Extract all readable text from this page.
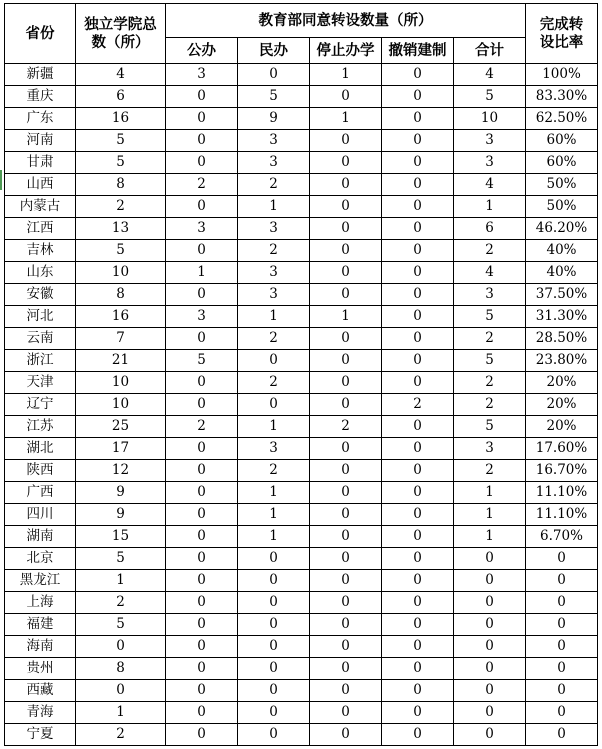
省份	独立学院总数（所）	教育部同意转设数量（所）					完成转设比率
		公办	民办	停止办学	撤销建制	合计	
新疆	4	3	0	1	0	4	100%
重庆	6	0	5	0	0	5	83.30%
广东	16	0	9	1	0	10	62.50%
河南	5	0	3	0	0	3	60%
甘肃	5	0	3	0	0	3	60%
山西	8	2	2	0	0	4	50%
内蒙古	2	0	1	0	0	1	50%
江西	13	3	3	0	0	6	46.20%
吉林	5	0	2	0	0	2	40%
山东	10	1	3	0	0	4	40%
安徽	8	0	3	0	0	3	37.50%
河北	16	3	1	1	0	5	31.30%
云南	7	0	2	0	0	2	28.50%
浙江	21	5	0	0	0	5	23.80%
天津	10	0	2	0	0	2	20%
辽宁	10	0	0	0	2	2	20%
江苏	25	2	1	2	0	5	20%
湖北	17	0	3	0	0	3	17.60%
陕西	12	0	2	0	0	2	16.70%
广西	9	0	1	0	0	1	11.10%
四川	9	0	1	0	0	1	11.10%
湖南	15	0	1	0	0	1	6.70%
北京	5	0	0	0	0	0	0
黑龙江	1	0	0	0	0	0	0
上海	2	0	0	0	0	0	0
福建	5	0	0	0	0	0	0
海南	0	0	0	0	0	0	0
贵州	8	0	0	0	0	0	0
西藏	0	0	0	0	0	0	0
青海	1	0	0	0	0	0	0
宁夏	2	0	0	0	0	0	0
